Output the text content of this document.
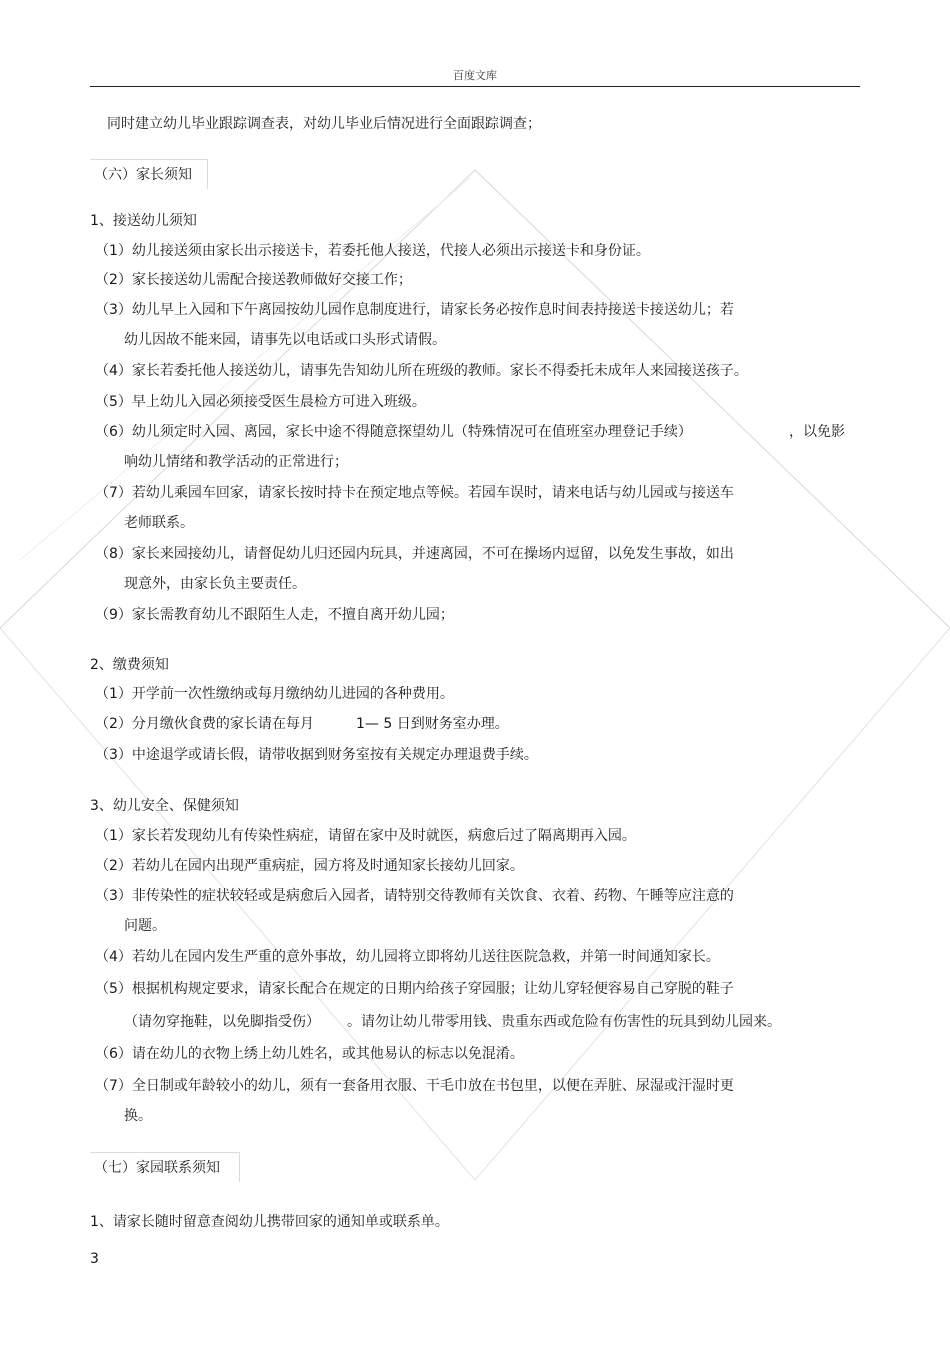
百度文库
同时建立幼儿毕业跟踪调查表，对幼儿毕业后情况进行全面跟踪调查；
（六）家长须知
1、接送幼儿须知
（1）幼儿接送须由家长出示接送卡，若委托他人接送，代接人必须出示接送卡和身份证。
（2）家长接送幼儿需配合接送教师做好交接工作；
（3）幼儿早上入园和下午离园按幼儿园作息制度进行，请家长务必按作息时间表持接送卡接送幼儿；若
幼儿因故不能来园，请事先以电话或口头形式请假。
（4）家长若委托他人接送幼儿，请事先告知幼儿所在班级的教师。家长不得委托未成年人来园接送孩子。
（5）早上幼儿入园必须接受医生晨检方可进入班级。
（6）幼儿须定时入园、离园，家长中途不得随意探望幼儿（特殊情况可在值班室办理登记手续）	，以免影
响幼儿情绪和教学活动的正常进行；
（7）若幼儿乘园车回家，请家长按时持卡在预定地点等候。若园车误时，请来电话与幼儿园或与接送车
老师联系。
（8）家长来园接幼儿，请督促幼儿归还园内玩具，并速离园，不可在操场内逗留，以免发生事故，如出
现意外，由家长负主要责任。
（9）家长需教育幼儿不跟陌生人走，不擅自离开幼儿园；
2、缴费须知
（1）开学前一次性缴纳或每月缴纳幼儿进园的各种费用。
（2）分月缴伙食费的家长请在每月	1— 5 日到财务室办理。
（3）中途退学或请长假，请带收据到财务室按有关规定办理退费手续。
3、幼儿安全、保健须知
（1）家长若发现幼儿有传染性病症，请留在家中及时就医，病愈后过了隔离期再入园。
（2）若幼儿在园内出现严重病症，园方将及时通知家长接幼儿回家。
（3）非传染性的症状较轻或是病愈后入园者，请特别交待教师有关饮食、衣着、药物、午睡等应注意的
问题。
（4）若幼儿在园内发生严重的意外事故，幼儿园将立即将幼儿送往医院急救，并第一时间通知家长。
（5）根据机构规定要求，请家长配合在规定的日期内给孩子穿园服；让幼儿穿轻便容易自己穿脱的鞋子
（请勿穿拖鞋，以免脚指受伤） 。请勿让幼儿带零用钱、贵重东西或危险有伤害性的玩具到幼儿园来。
（6）请在幼儿的衣物上绣上幼儿姓名，或其他易认的标志以免混淆。
（7）全日制或年龄较小的幼儿，须有一套备用衣服、干毛巾放在书包里，以便在弄脏、尿湿或汗湿时更
换。
（七）家园联系须知
1、请家长随时留意查阅幼儿携带回家的通知单或联系单。
3
